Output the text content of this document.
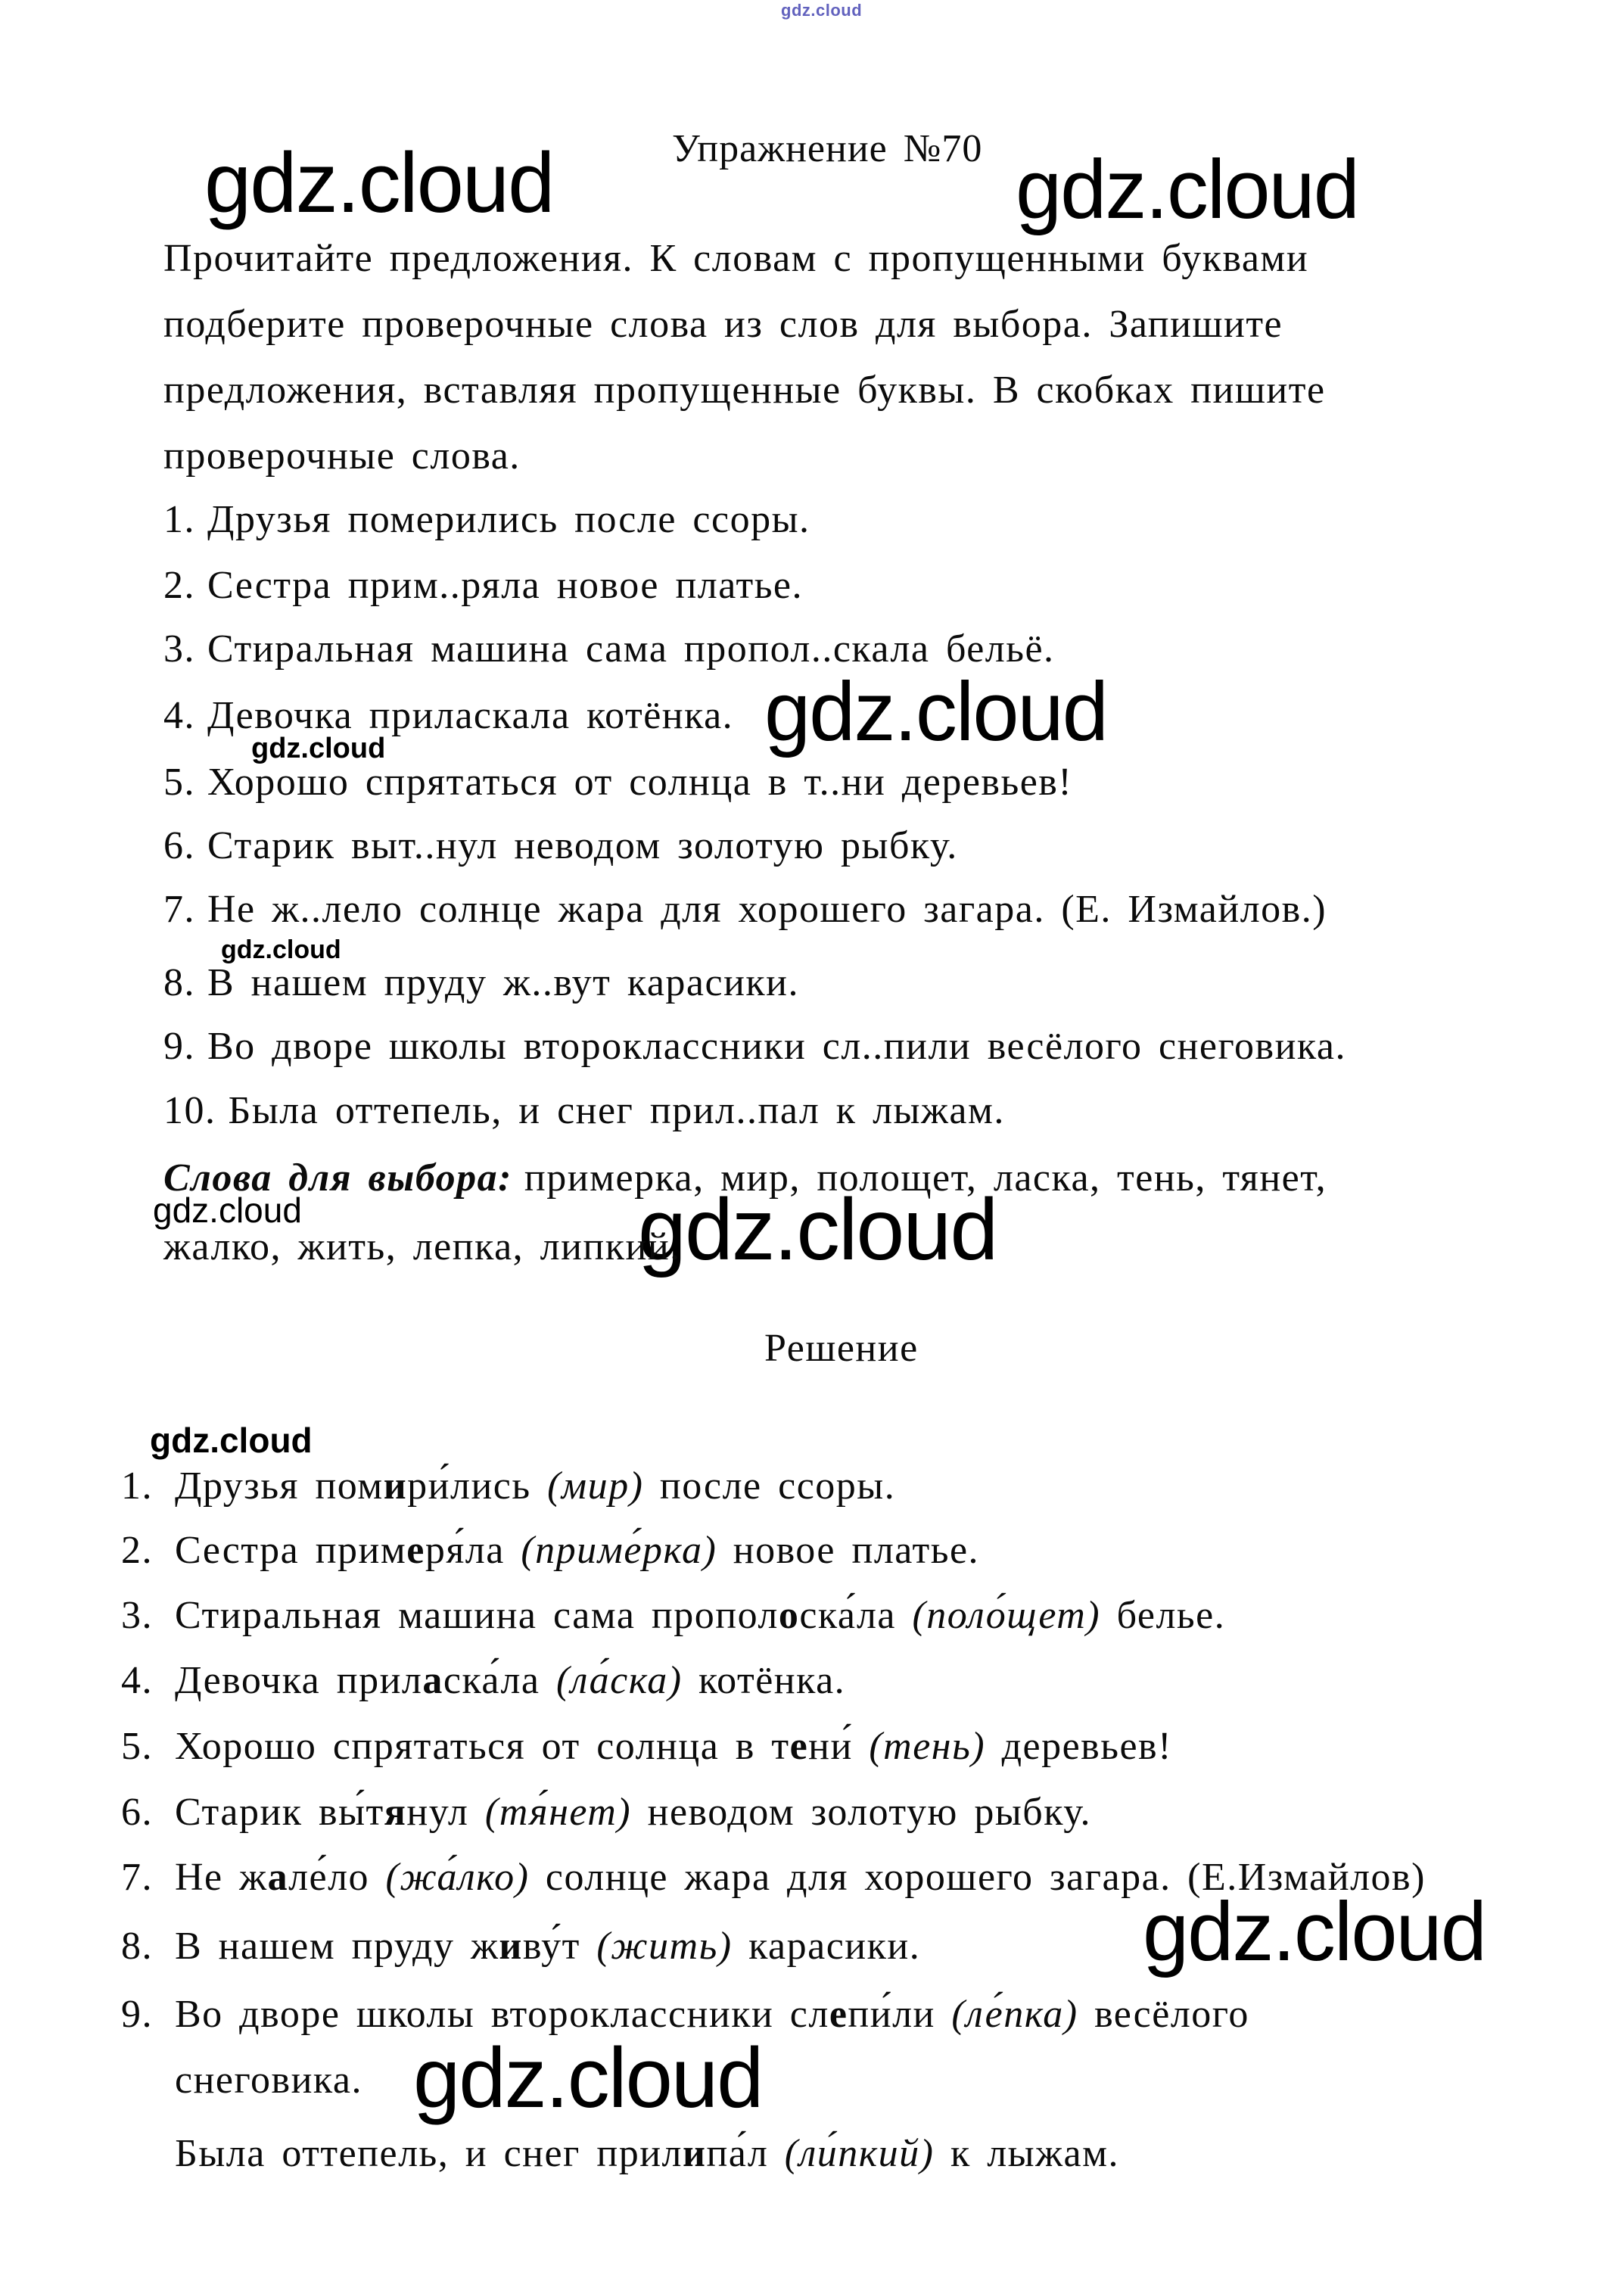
gdz.cloud
gdz.cloud	gdz.cloud
gdz.cloud
gdz.cloud
gdz.cloud
gdz.cloud	gdz.cloud
gdz.cloud
gdz.cloud
gdz.cloud
Упражнение №70
Прочитайте предложения. К словам с пропущенными буквами
подберите проверочные слова из слов для выбора. Запишите
предложения, вставляя пропущенные буквы. В скобках пишите
проверочные слова.
1. Друзья померились после ссоры.
2. Сестра прим..ряла новое платье.
3. Стиральная машина сама пропол..скала бельё.
4. Девочка приласкала котёнка.
5. Хорошо спрятаться от солнца в т..ни деревьев!
6. Старик выт..нул неводом золотую рыбку.
7. Не ж..лело солнце жара для хорошего загара. (Е. Измайлов.)
8. В нашем пруду ж..вут карасики.
9. Во дворе школы второклассники сл..пили весёлого снеговика.
10. Была оттепель, и снег прил..пал к лыжам.
Слова для выбора: примерка, мир, полощет, ласка, тень, тянет,
жалко, жить, лепка, липкий.
Решение
1. Друзья помири́лись (мир) после ссоры.
2. Сестра примеря́ла (приме́рка) новое платье.
3. Стиральная машина сама прополоска́ла (поло́щет) белье.
4. Девочка приласка́ла (ла́ска) котёнка.
5. Хорошо спрятаться от солнца в тени́ (тень) деревьев!
6. Старик вы́тянул (тя́нет) неводом золотую рыбку.
7. Не жале́ло (жа́лко) солнце жара для хорошего загара. (Е.Измайлов)
8. В нашем пруду живу́т (жить) карасики.
9. Во дворе школы второклассники слепи́ли (ле́пка) весёлого
снеговика.
Была оттепель, и снег прилипа́л (ли́пкий) к лыжам.
